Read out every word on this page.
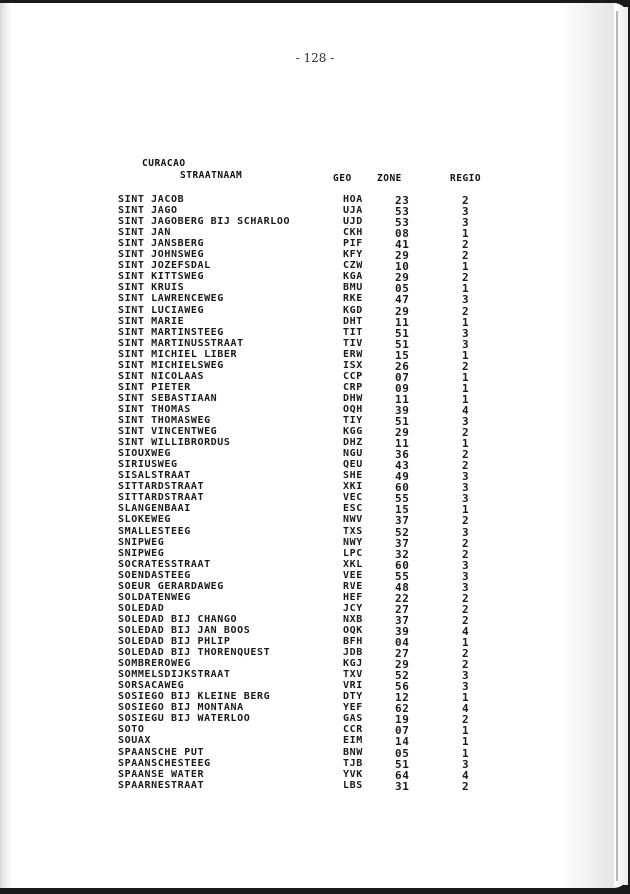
- 128 -
CURACAO
STRAATNAAM	GEO	ZONE	REGIO
SINT JACOB	HOA	23	2
SINT JAGO	UJA	53	3
SINT JAGOBERG BIJ SCHARLOO	UJD	53	3
SINT JAN	CKH	08	1
SINT JANSBERG	PIF	41	2
SINT JOHNSWEG	KFY	29	2
SINT JOZEFSDAL	CZW	10	1
SINT KITTSWEG	KGA	29	2
SINT KRUIS	BMU	05	1
SINT LAWRENCEWEG	RKE	47	3
SINT LUCIAWEG	KGD	29	2
SINT MARIE	DHT	11	1
SINT MARTINSTEEG	TIT	51	3
SINT MARTINUSSTRAAT	TIV	51	3
SINT MICHIEL LIBER	ERW	15	1
SINT MICHIELSWEG	ISX	26	2
SINT NICOLAAS	CCP	07	1
SINT PIETER	CRP	09	1
SINT SEBASTIAAN	DHW	11	1
SINT THOMAS	OQH	39	4
SINT THOMASWEG	TIY	51	3
SINT VINCENTWEG	KGG	29	2
SINT WILLIBRORDUS	DHZ	11	1
SIOUXWEG	NGU	36	2
SIRIUSWEG	QEU	43	2
SISALSTRAAT	SHE	49	3
SITTARDSTRAAT	XKI	60	3
SITTARDSTRAAT	VEC	55	3
SLANGENBAAI	ESC	15	1
SLOKEWEG	NWV	37	2
SMALLESTEEG	TXS	52	3
SNIPWEG	NWY	37	2
SNIPWEG	LPC	32	2
SOCRATESSTRAAT	XKL	60	3
SOENDASTEEG	VEE	55	3
SOEUR GERARDAWEG	RVE	48	3
SOLDATENWEG	HEF	22	2
SOLEDAD	JCY	27	2
SOLEDAD BIJ CHANGO	NXB	37	2
SOLEDAD BIJ JAN BOOS	OQK	39	4
SOLEDAD BIJ PHLIP	BFH	04	1
SOLEDAD BIJ THORENQUEST	JDB	27	2
SOMBREROWEG	KGJ	29	2
SOMMELSDIJKSTRAAT	TXV	52	3
SORSACAWEG	VRI	56	3
SOSIEGO BIJ KLEINE BERG	DTY	12	1
SOSIEGO BIJ MONTANA	YEF	62	4
SOSIEGU BIJ WATERLOO	GAS	19	2
SOTO	CCR	07	1
SOUAX	EIM	14	1
SPAANSCHE PUT	BNW	05	1
SPAANSCHESTEEG	TJB	51	3
SPAANSE WATER	YVK	64	4
SPAARNESTRAAT	LBS	31	2
